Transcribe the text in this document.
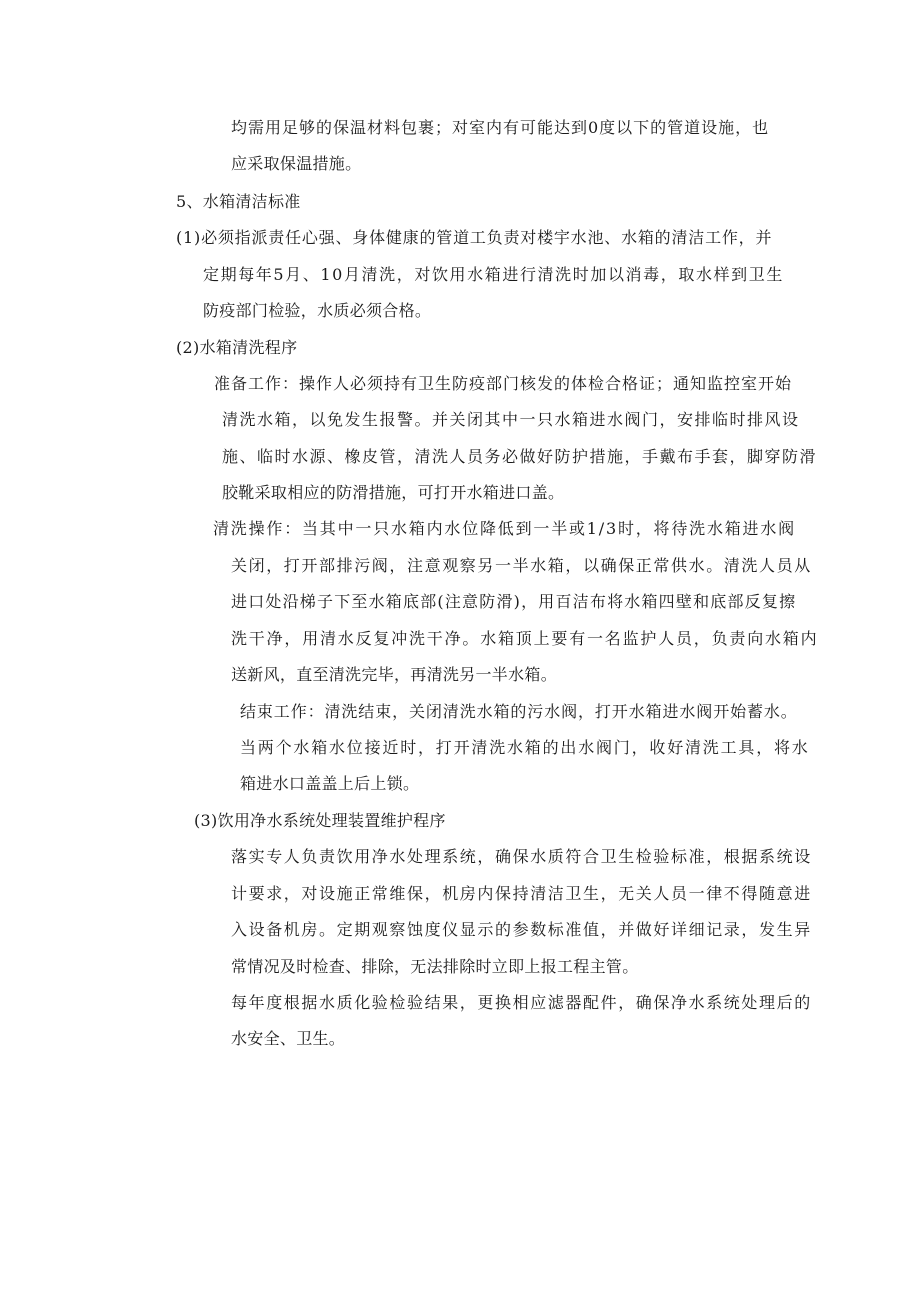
均需用足够的保温材料包裹；对室内有可能达到0度以下的管道设施，也
应采取保温措施。
5、水箱清洁标准
(1)必须指派责任心强、身体健康的管道工负责对楼宇水池、水箱的清洁工作，并
定期每年5月、10月清洗，对饮用水箱进行清洗时加以消毒，取水样到卫生
防疫部门检验，水质必须合格。
(2)水箱清洗程序
准备工作：操作人必须持有卫生防疫部门核发的体检合格证；通知监控室开始
清洗水箱，以免发生报警。并关闭其中一只水箱进水阀门，安排临时排风设
施、临时水源、橡皮管，清洗人员务必做好防护措施，手戴布手套，脚穿防滑
胶靴采取相应的防滑措施，可打开水箱进口盖。
清洗操作：当其中一只水箱内水位降低到一半或1/3时，将待洗水箱进水阀
关闭，打开部排污阀，注意观察另一半水箱，以确保正常供水。清洗人员从
进口处沿梯子下至水箱底部(注意防滑)，用百洁布将水箱四壁和底部反复擦
洗干净，用清水反复冲洗干净。水箱顶上要有一名监护人员，负责向水箱内
送新风，直至清洗完毕，再清洗另一半水箱。
结束工作：清洗结束，关闭清洗水箱的污水阀，打开水箱进水阀开始蓄水。
当两个水箱水位接近时，打开清洗水箱的出水阀门，收好清洗工具，将水
箱进水口盖盖上后上锁。
(3)饮用净水系统处理装置维护程序
落实专人负责饮用净水处理系统，确保水质符合卫生检验标准，根据系统设
计要求，对设施正常维保，机房内保持清洁卫生，无关人员一律不得随意进
入设备机房。定期观察蚀度仪显示的参数标准值，并做好详细记录，发生异
常情况及时检查、排除，无法排除时立即上报工程主管。
每年度根据水质化验检验结果，更换相应滤器配件，确保净水系统处理后的
水安全、卫生。
